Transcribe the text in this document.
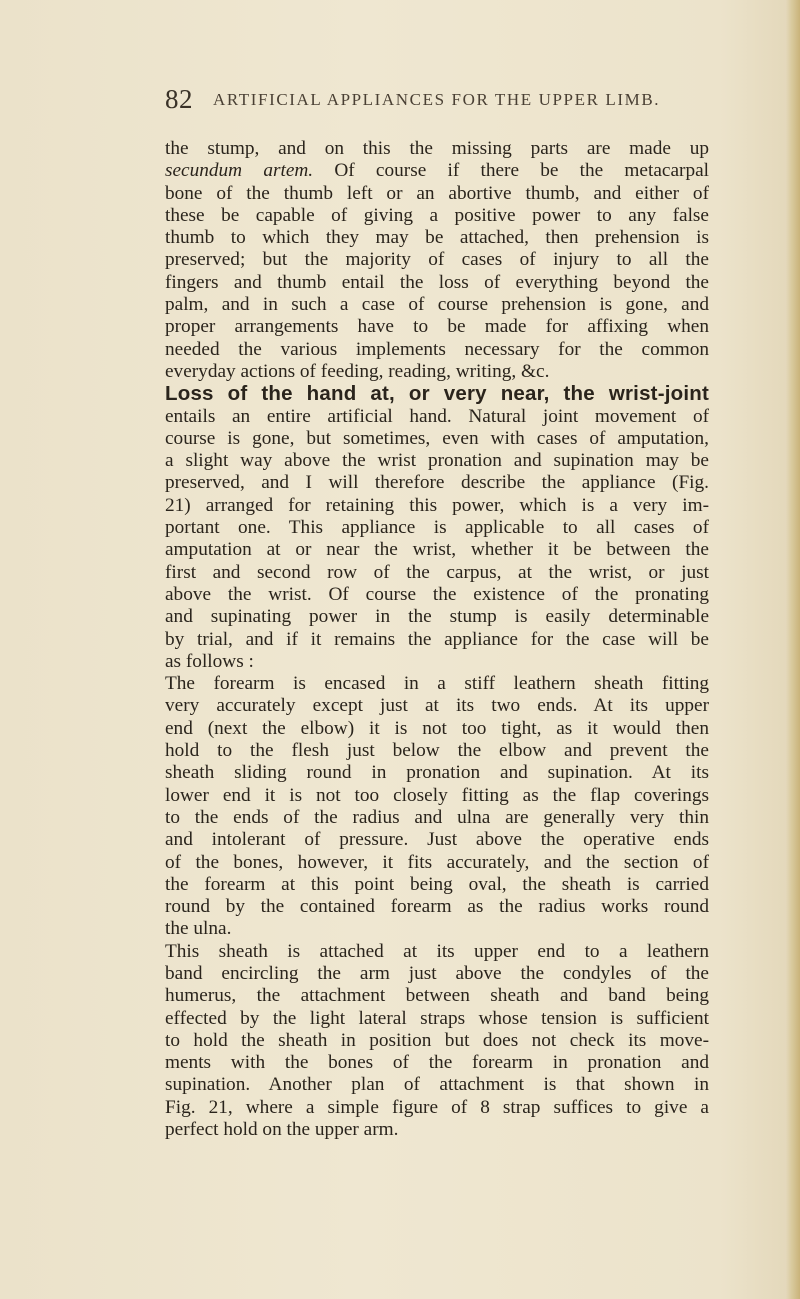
82 ARTIFICIAL APPLIANCES FOR THE UPPER LIMB.
the stump, and on this the missing parts are made up
secundum artem. Of course if there be the metacarpal
bone of the thumb left or an abortive thumb, and either of
these be capable of giving a positive power to any false
thumb to which they may be attached, then prehension is
preserved; but the majority of cases of injury to all the
fingers and thumb entail the loss of everything beyond the
palm, and in such a case of course prehension is gone, and
proper arrangements have to be made for affixing when
needed the various implements necessary for the common
everyday actions of feeding, reading, writing, &c.
Loss of the hand at, or very near, the wrist-joint
entails an entire artificial hand. Natural joint movement of
course is gone, but sometimes, even with cases of amputation,
a slight way above the wrist pronation and supination may be
preserved, and I will therefore describe the appliance (Fig.
21) arranged for retaining this power, which is a very im-
portant one. This appliance is applicable to all cases of
amputation at or near the wrist, whether it be between the
first and second row of the carpus, at the wrist, or just
above the wrist. Of course the existence of the pronating
and supinating power in the stump is easily determinable
by trial, and if it remains the appliance for the case will be
as follows :
The forearm is encased in a stiff leathern sheath fitting
very accurately except just at its two ends. At its upper
end (next the elbow) it is not too tight, as it would then
hold to the flesh just below the elbow and prevent the
sheath sliding round in pronation and supination. At its
lower end it is not too closely fitting as the flap coverings
to the ends of the radius and ulna are generally very thin
and intolerant of pressure. Just above the operative ends
of the bones, however, it fits accurately, and the section of
the forearm at this point being oval, the sheath is carried
round by the contained forearm as the radius works round
the ulna.
This sheath is attached at its upper end to a leathern
band encircling the arm just above the condyles of the
humerus, the attachment between sheath and band being
effected by the light lateral straps whose tension is sufficient
to hold the sheath in position but does not check its move-
ments with the bones of the forearm in pronation and
supination. Another plan of attachment is that shown in
Fig. 21, where a simple figure of 8 strap suffices to give a
perfect hold on the upper arm.
